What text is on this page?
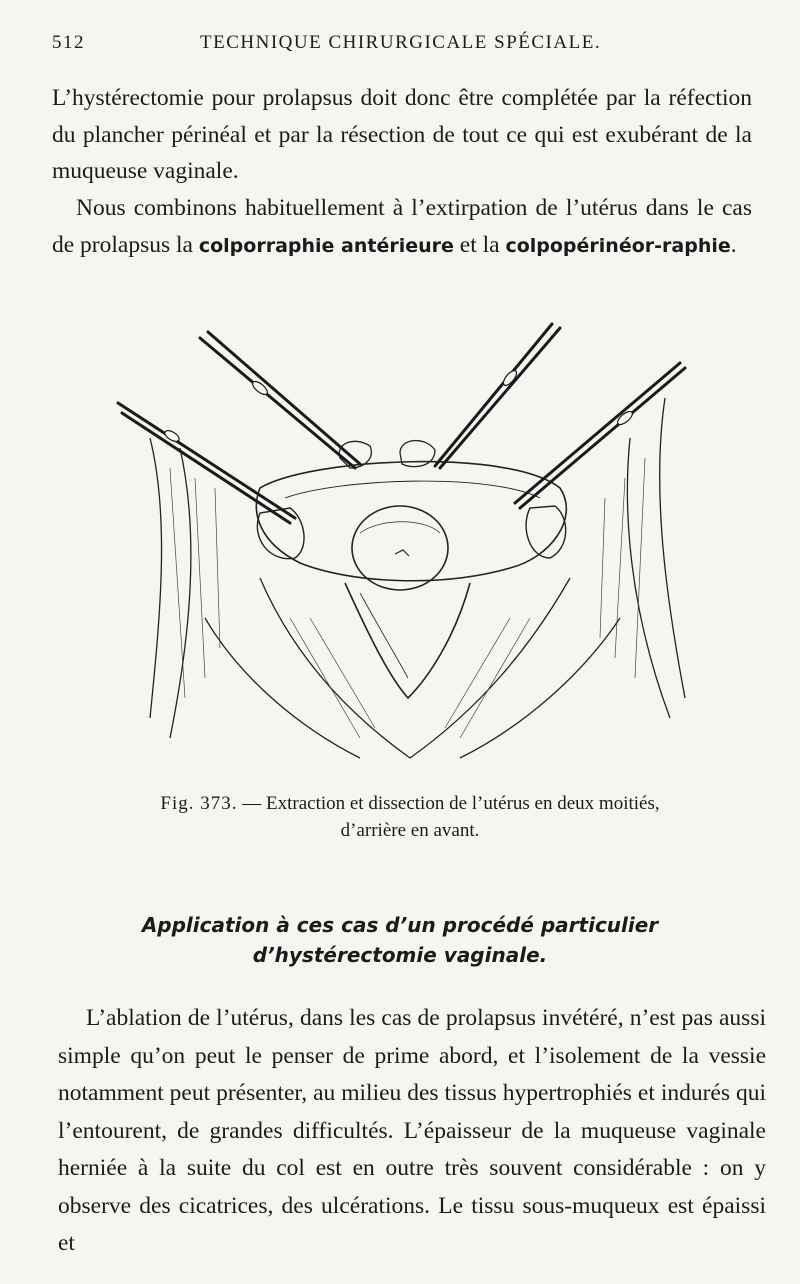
512	TECHNIQUE CHIRURGICALE SPÉCIALE.

L’hystérectomie pour prolapsus doit donc être complétée par la réfection du plancher périnéal et par la résection de tout ce qui est exubérant de la muqueuse vaginale.

Nous combinons habituellement à l’extirpation de l’utérus dans le cas de prolapsus la colporraphie antérieure et la colpopérinéor-raphie.

Fig. 373. — Extraction et dissection de l’utérus en deux moitiés,
d’arrière en avant.
Application à ces cas d’un procédé particulier
d’hystérectomie vaginale.

L’ablation de l’utérus, dans les cas de prolapsus invétéré, n’est pas aussi simple qu’on peut le penser de prime abord, et l’isolement de la vessie notamment peut présenter, au milieu des tissus hypertrophiés et indurés qui l’entourent, de grandes difficultés. L’épaisseur de la muqueuse vaginale herniée à la suite du col est en outre très souvent considérable : on y observe des cicatrices, des ulcérations. Le tissu sous-muqueux est épaissi et
